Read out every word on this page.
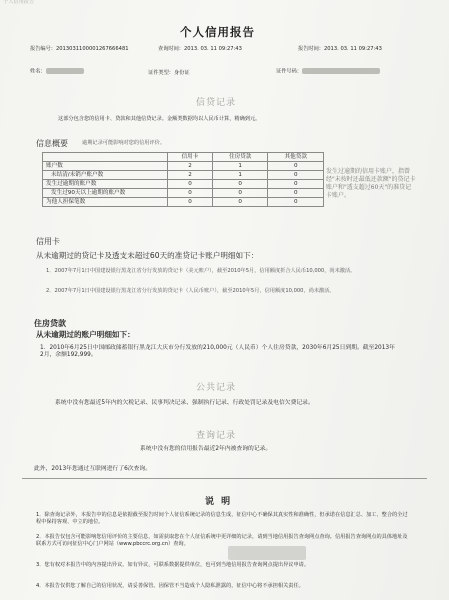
个人信用报告
个人信用报告
报告编号：2013031100001267666481	查询时间：2013. 03. 11 09:27:43	报告时间：2013. 03. 11 09:27:43
姓名：	证件类型：身份证	证件号码：
信贷记录
这部分包含您的信用卡、贷款和其他信贷记录。金额类数据均以人民币计算，精确到元。
信息概要	逾期记录可能影响对您的信用评价。
	信用卡	住房贷款	其他贷款
账户数	2	1	0
未结清/未销户账户数	2	1	0
发生过逾期的账户数	0	0	0
发生过90天以上逾期的账户数	0	0	0
为他人担保笔数	0	0	0
发生过逾期的信用卡账户，指曾经"未按时还最低还款额"的贷记卡账户和"透支超过60天"的准贷记卡账户。
信用卡
从未逾期过的贷记卡及透支未超过60天的准贷记卡账户明细如下：
1．2007年7月1日中国建设银行黑龙江省分行发放的贷记卡（美元账户），截至2010年5月，信用额度折合人民币10,000，尚未激活。
2．2007年7月1日中国建设银行黑龙江省分行发放的贷记卡（人民币账户），截至2010年5月，信用额度10,000，尚未激活。
住房贷款
从未逾期过的账户明细如下：
1．2010年6月25日中国邮政储蓄银行黑龙江大庆市分行发放的210,000元（人民币）个人住房贷款，2030年6月25日到期。截至2013年2月，余额192,999。
公共记录
系统中没有您最近5年内的欠税记录、民事判决记录、强制执行记录、行政处罚记录及电信欠费记录。
查询记录
系统中没有您的信用报告最近2年内被查询的记录。
此外，2013年您通过互联网进行了6次查询。
说 明
1．除查询记录外，本报告中的信息是依据截至报告时间个人征信系统记录的信息生成，征信中心不确保其真实性和准确性，但承诺在信息汇总、加工、整合的全过程中保持客观、中立的地位。
2．本报告仅包含可能影响您信用评价的主要信息，如需获取您在个人征信系统中更详细的记录，请到当地信用报告查询网点查询。信用报告查询网点的具体地址及联系方式可访问征信中心门户网站（www.pbccrc.org.cn）查询。
3．您有权对本报告中的内容提出异议。如有异议，可联系数据提供单位，也可到当地信用报告查询网点提出异议申请。
4．本报告仅供您了解自己的信用状况，请妥善保管。因保管不当造成个人隐私泄露的，征信中心将不承担相关责任。
